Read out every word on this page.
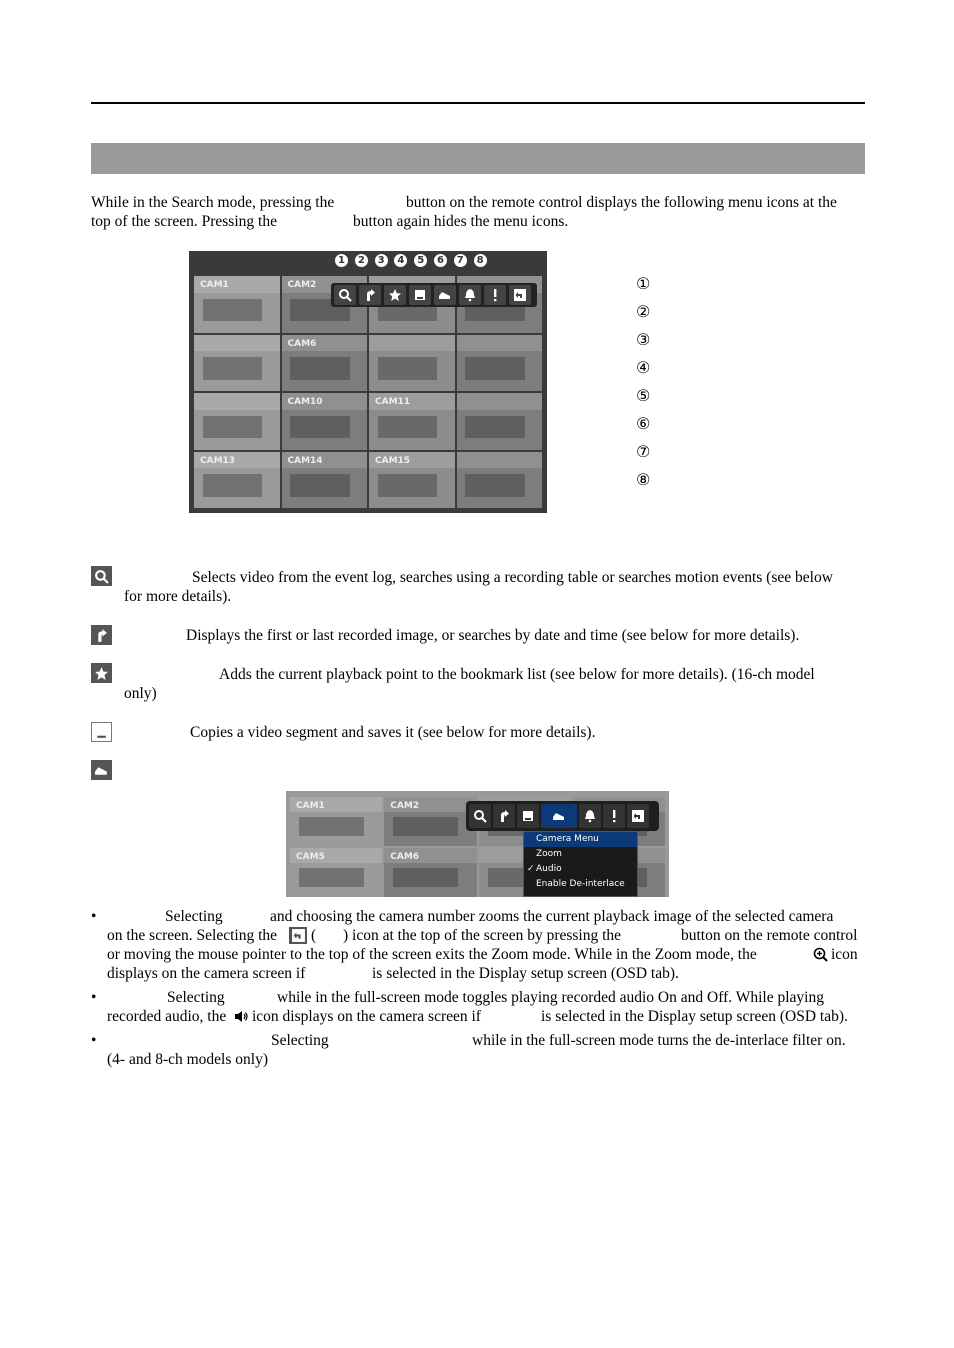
While in the Search mode, pressing the	button on the remote control displays the following menu icons at the
top of the screen. Pressing the	button again hides the menu icons.
1	2	3	4	5	6	7	8
CAM1	CAM2
CAM6
CAM10	CAM11
CAM13	CAM14	CAM15
①
②
③
④
⑤
⑥
⑦
⑧
Selects video from the event log, searches using a recording table or searches motion events (see below
for more details).
Displays the first or last recorded image, or searches by date and time (see below for more details).
Adds the current playback point to the bookmark list (see below for more details). (16-ch model
only)
Copies a video segment and saves it (see below for more details).
CAM1	CAM2
CAM5	CAM6
Camera Menu
Zoom
✓ Audio
Enable De-interlace
•	Selecting	and choosing the camera number zooms the current playback image of the selected camera
on the screen. Selecting the ( ) icon at the top of the screen by pressing the	button on the remote control
or moving the mouse pointer to the top of the screen exits the Zoom mode. While in the Zoom mode, the	icon
displays on the camera screen if	is selected in the Display setup screen (OSD tab).
•	Selecting	while in the full-screen mode toggles playing recorded audio On and Off. While playing
recorded audio, the icon displays on the camera screen if	is selected in the Display setup screen (OSD tab).
•	Selecting	while in the full-screen mode turns the de-interlace filter on.
(4- and 8-ch models only)
